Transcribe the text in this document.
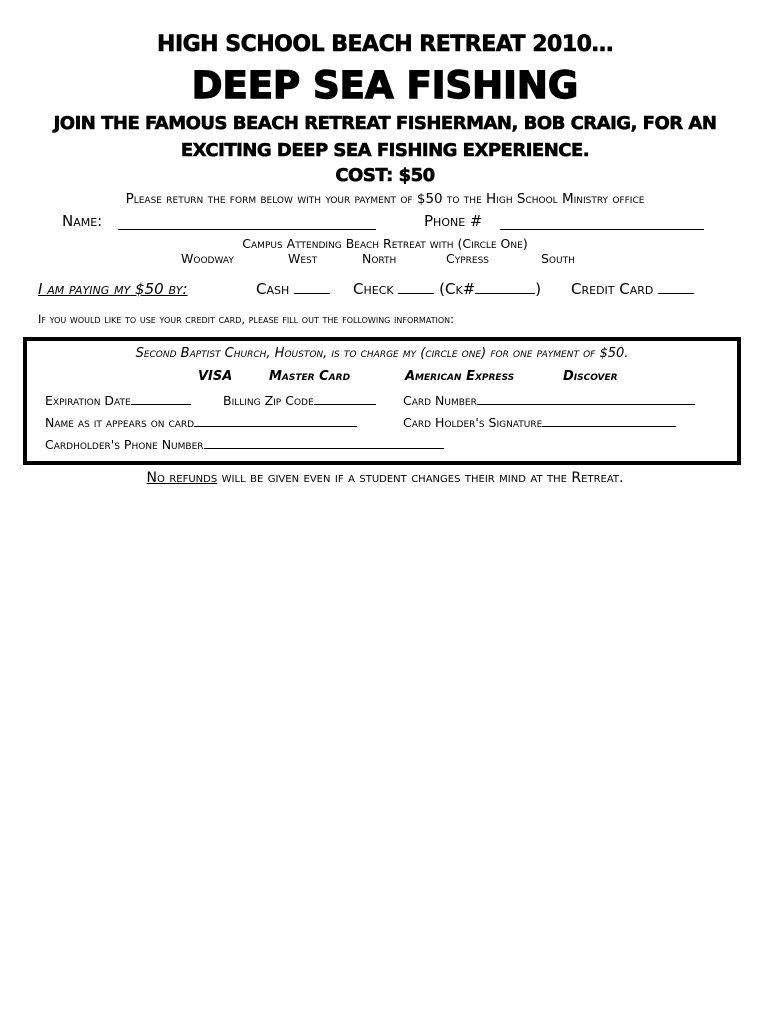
HIGH SCHOOL BEACH RETREAT 2010…
DEEP SEA FISHING
JOIN THE FAMOUS BEACH RETREAT FISHERMAN, BOB CRAIG, FOR AN
EXCITING DEEP SEA FISHING EXPERIENCE.
COST: $50
Please return the form below with your payment of $50 to the High School Ministry office
Name:	Phone #
Campus Attending Beach Retreat with (Circle One)
Woodway	West	North	Cypress	South
I am paying my $50 by:	Cash	Check	(Ck#	) Credit Card
If you would like to use your credit card, please fill out the following information:
Second Baptist Church, Houston, is to charge my (circle one) for one payment of $50.
VISA	Master Card	American Express	Discover
Expiration Date	Billing Zip Code	Card Number
Name as it appears on card	Card Holder's Signature
Cardholder's Phone Number
No refunds will be given even if a student changes their mind at the Retreat.
